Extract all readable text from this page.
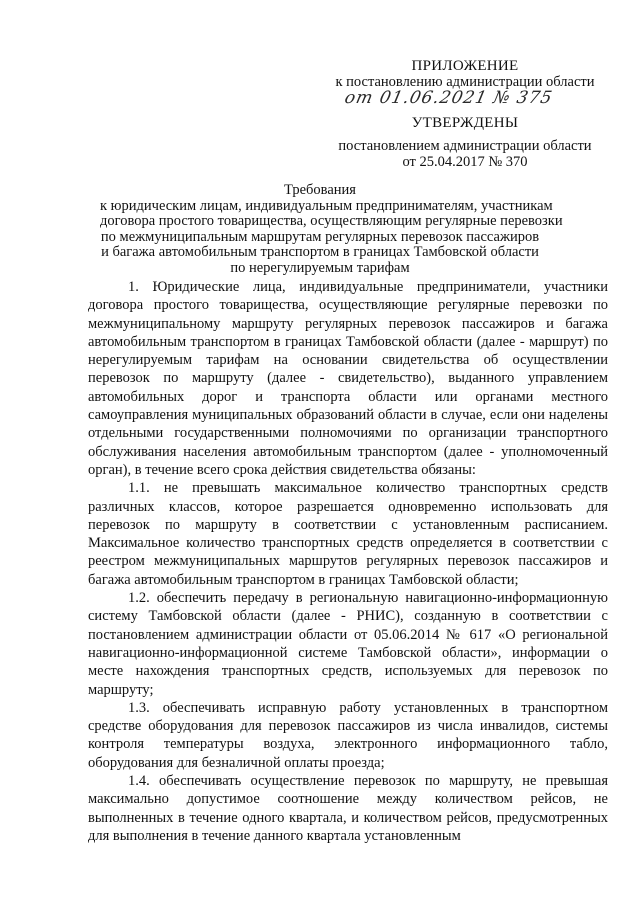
ПРИЛОЖЕНИЕ
к постановлению администрации области
от 01.06.2021 № 375
УТВЕРЖДЕНЫ
постановлением администрации области
от 25.04.2017 № 370
Требования
к юридическим лицам, индивидуальным предпринимателям, участникам
договора простого товарищества, осуществляющим регулярные перевозки
по межмуниципальным маршрутам регулярных перевозок пассажиров
и багажа автомобильным транспортом в границах Тамбовской области
по нерегулируемым тарифам

1. Юридические лица, индивидуальные предприниматели, участники договора простого товарищества, осуществляющие регулярные перевозки по межмуниципальному маршруту регулярных перевозок пассажиров и багажа автомобильным транспортом в границах Тамбовской области (далее - маршрут) по нерегулируемым тарифам на основании свидетельства об осуществлении перевозок по маршруту (далее - свидетельство), выданного управлением автомобильных дорог и транспорта области или органами местного самоуправления муниципальных образований области в случае, если они наделены отдельными государственными полномочиями по организации транспортного обслуживания населения автомобильным транспортом (далее - уполномоченный орган), в течение всего срока действия свидетельства обязаны:

1.1. не превышать максимальное количество транспортных средств различных классов, которое разрешается одновременно использовать для перевозок по маршруту в соответствии с установленным расписанием. Максимальное количество транспортных средств определяется в соответствии с реестром межмуниципальных маршрутов регулярных перевозок пассажиров и багажа автомобильным транспортом в границах Тамбовской области;

1.2. обеспечить передачу в региональную навигационно-информационную систему Тамбовской области (далее - РНИС), созданную в соответствии с постановлением администрации области от 05.06.2014 № 617 «О региональной навигационно-информационной системе Тамбовской области», информации о месте нахождения транспортных средств, используемых для перевозок по маршруту;

1.3. обеспечивать исправную работу установленных в транспортном средстве оборудования для перевозок пассажиров из числа инвалидов, системы контроля температуры воздуха, электронного информационного табло, оборудования для безналичной оплаты проезда;

1.4. обеспечивать осуществление перевозок по маршруту, не превышая максимально допустимое соотношение между количеством рейсов, не выполненных в течение одного квартала, и количеством рейсов, предусмотренных для выполнения в течение данного квартала установленным
